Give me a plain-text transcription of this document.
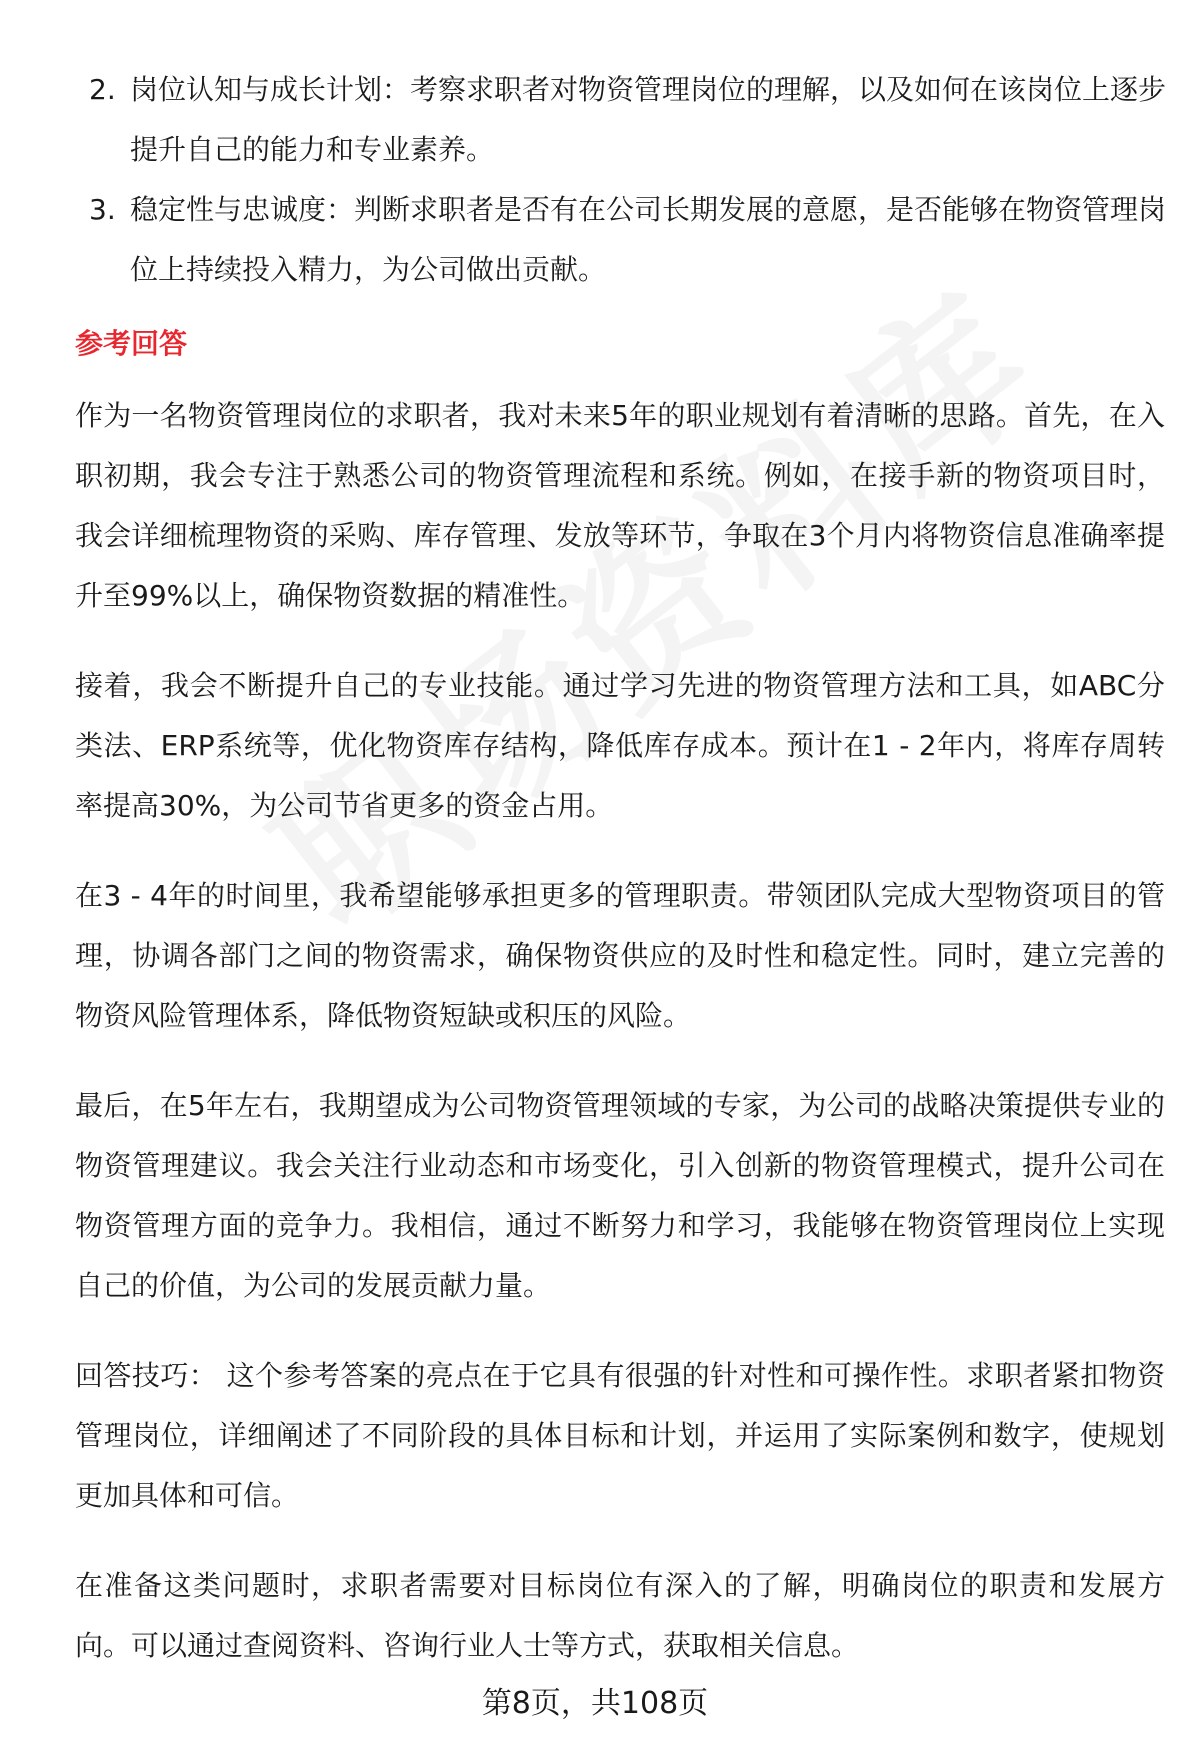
2. 岗位认知与成长计划：考察求职者对物资管理岗位的理解，以及如何在该岗位上逐步提升自己的能力和专业素养。
3. 稳定性与忠诚度：判断求职者是否有在公司长期发展的意愿，是否能够在物资管理岗位上持续投入精力，为公司做出贡献。
参考回答

作为一名物资管理岗位的求职者，我对未来5年的职业规划有着清晰的思路。首先，在入职初期，我会专注于熟悉公司的物资管理流程和系统。例如，在接手新的物资项目时，我会详细梳理物资的采购、库存管理、发放等环节，争取在3个月内将物资信息准确率提升至99%以上，确保物资数据的精准性。

接着，我会不断提升自己的专业技能。通过学习先进的物资管理方法和工具，如ABC分类法、ERP系统等，优化物资库存结构，降低库存成本。预计在1 - 2年内，将库存周转率提高30%，为公司节省更多的资金占用。

在3 - 4年的时间里，我希望能够承担更多的管理职责。带领团队完成大型物资项目的管理，协调各部门之间的物资需求，确保物资供应的及时性和稳定性。同时，建立完善的物资风险管理体系，降低物资短缺或积压的风险。

最后，在5年左右，我期望成为公司物资管理领域的专家，为公司的战略决策提供专业的物资管理建议。我会关注行业动态和市场变化，引入创新的物资管理模式，提升公司在物资管理方面的竞争力。我相信，通过不断努力和学习，我能够在物资管理岗位上实现自己的价值，为公司的发展贡献力量。

回答技巧： 这个参考答案的亮点在于它具有很强的针对性和可操作性。求职者紧扣物资管理岗位，详细阐述了不同阶段的具体目标和计划，并运用了实际案例和数字，使规划更加具体和可信。

在准备这类问题时，求职者需要对目标岗位有深入的了解，明确岗位的职责和发展方向。可以通过查阅资料、咨询行业人士等方式，获取相关信息。

第8页，共108页
